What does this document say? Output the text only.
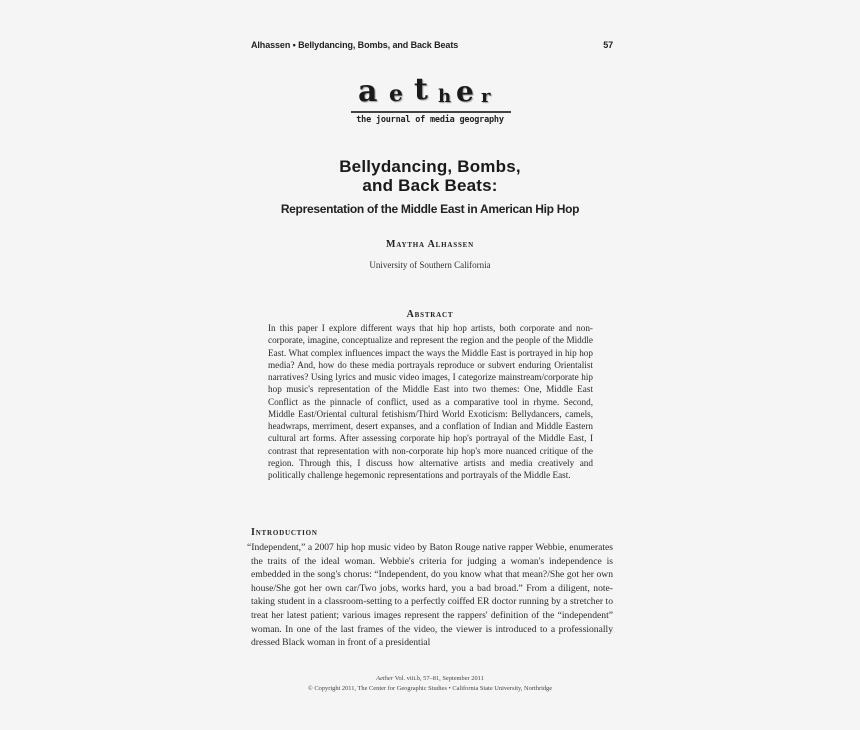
Alhassen • Bellydancing, Bombs, and Back Beats	57
a e t h e r
the journal of media geography
Bellydancing, Bombs,
and Back Beats:
Representation of the Middle East in American Hip Hop
Maytha Alhassen
University of Southern California
Abstract
In this paper I explore different ways that hip hop artists, both corporate and non-corporate, imagine, conceptualize and represent the region and the people of the Middle East. What complex influences impact the ways the Middle East is portrayed in hip hop media? And, how do these media portrayals reproduce or subvert enduring Orientalist narratives? Using lyrics and music video images, I categorize mainstream/corporate hip hop music's representation of the Middle East into two themes: One, Middle East Conflict as the pinnacle of conflict, used as a comparative tool in rhyme. Second, Middle East/Oriental cultural fetishism/Third World Exoticism: Bellydancers, camels, headwraps, merriment, desert expanses, and a conflation of Indian and Middle Eastern cultural art forms. After assessing corporate hip hop's portrayal of the Middle East, I contrast that representation with non-corporate hip hop's more nuanced critique of the region. Through this, I discuss how alternative artists and media creatively and politically challenge hegemonic representations and portrayals of the Middle East.
Introduction

“Independent,” a 2007 hip hop music video by Baton Rouge native rapper Webbie, enumerates the traits of the ideal woman. Webbie's criteria for judging a woman's independence is embedded in the song's chorus: “Independent, do you know what that mean?/She got her own house/She got her own car/Two jobs, works hard, you a bad broad.” From a diligent, note-taking student in a classroom-setting to a perfectly coiffed ER doctor running by a stretcher to treat her latest patient; various images represent the rappers' definition of the “independent” woman. In one of the last frames of the video, the viewer is introduced to a professionally dressed Black woman in front of a presidential

Aether Vol. viii.b, 57–81, September 2011
© Copyright 2011, The Center for Geographic Studies • California State University, Northridge
